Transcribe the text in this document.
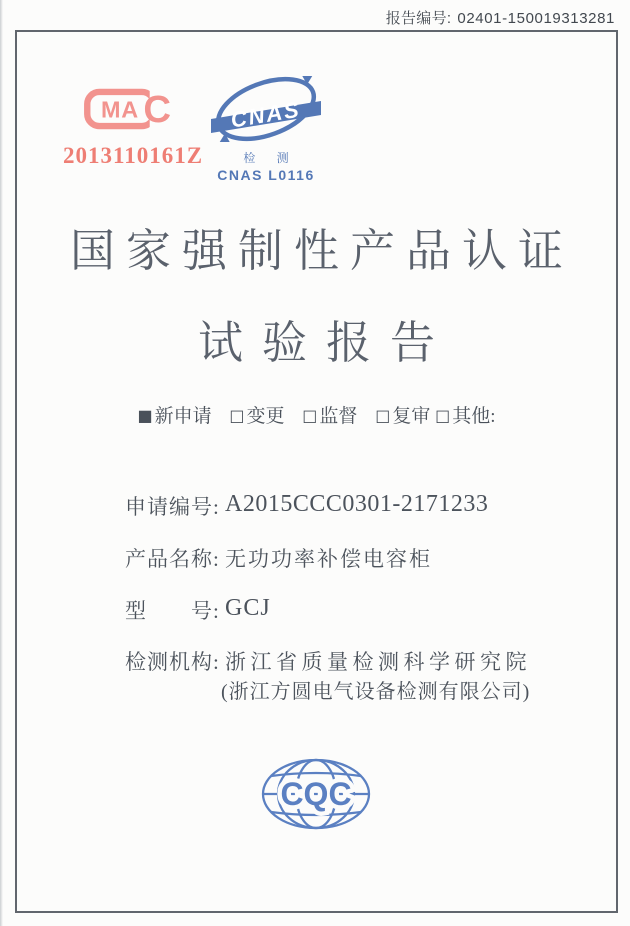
报告编号: 02401-150019313281
MA C
2013110161Z
CNAS
检 测
CNAS L0116
国家强制性产品认证
试验报告
■ 新申请 □ 变更 □ 监督 □ 复审 □ 其他:
申请编号: A2015CCC0301-2171233
产品名称: 无功功率补偿电容柜
型　　号: GCJ
检测机构: 浙江省质量检测科学研究院
(浙江方圆电气设备检测有限公司)
CQC
